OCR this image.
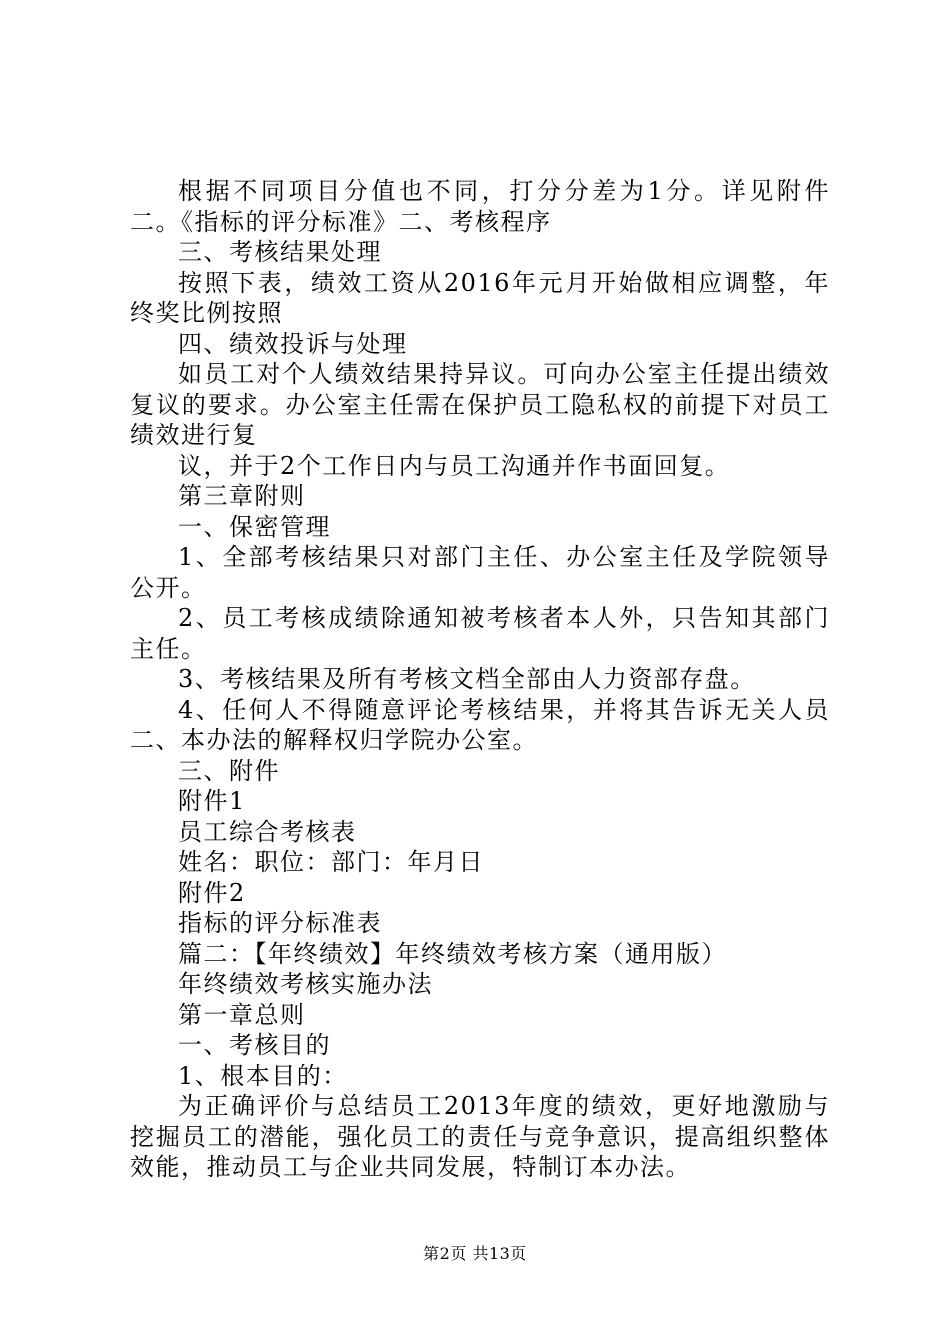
根据不同项目分值也不同，打分分差为1分。详见附件二。《指标的评分标准》二、考核程序

三、考核结果处理

按照下表，绩效工资从2016年元月开始做相应调整，年终奖比例按照

四、绩效投诉与处理

如员工对个人绩效结果持异议。可向办公室主任提出绩效复议的要求。办公室主任需在保护员工隐私权的前提下对员工绩效进行复

议，并于2个工作日内与员工沟通并作书面回复。

第三章附则

一、保密管理

1、全部考核结果只对部门主任、办公室主任及学院领导公开。

2、员工考核成绩除通知被考核者本人外，只告知其部门主任。

3、考核结果及所有考核文档全部由人力资部存盘。

4、任何人不得随意评论考核结果，并将其告诉无关人员二、本办法的解释权归学院办公室。

三、附件

附件1

员工综合考核表

姓名：职位：部门：年月日

附件2

指标的评分标准表

篇二：【年终绩效】年终绩效考核方案（通用版）

年终绩效考核实施办法

第一章总则

一、考核目的

1、根本目的：

为正确评价与总结员工2013年度的绩效，更好地激励与挖掘员工的潜能，强化员工的责任与竞争意识，提高组织整体效能，推动员工与企业共同发展，特制订本办法。

第2页 共13页
